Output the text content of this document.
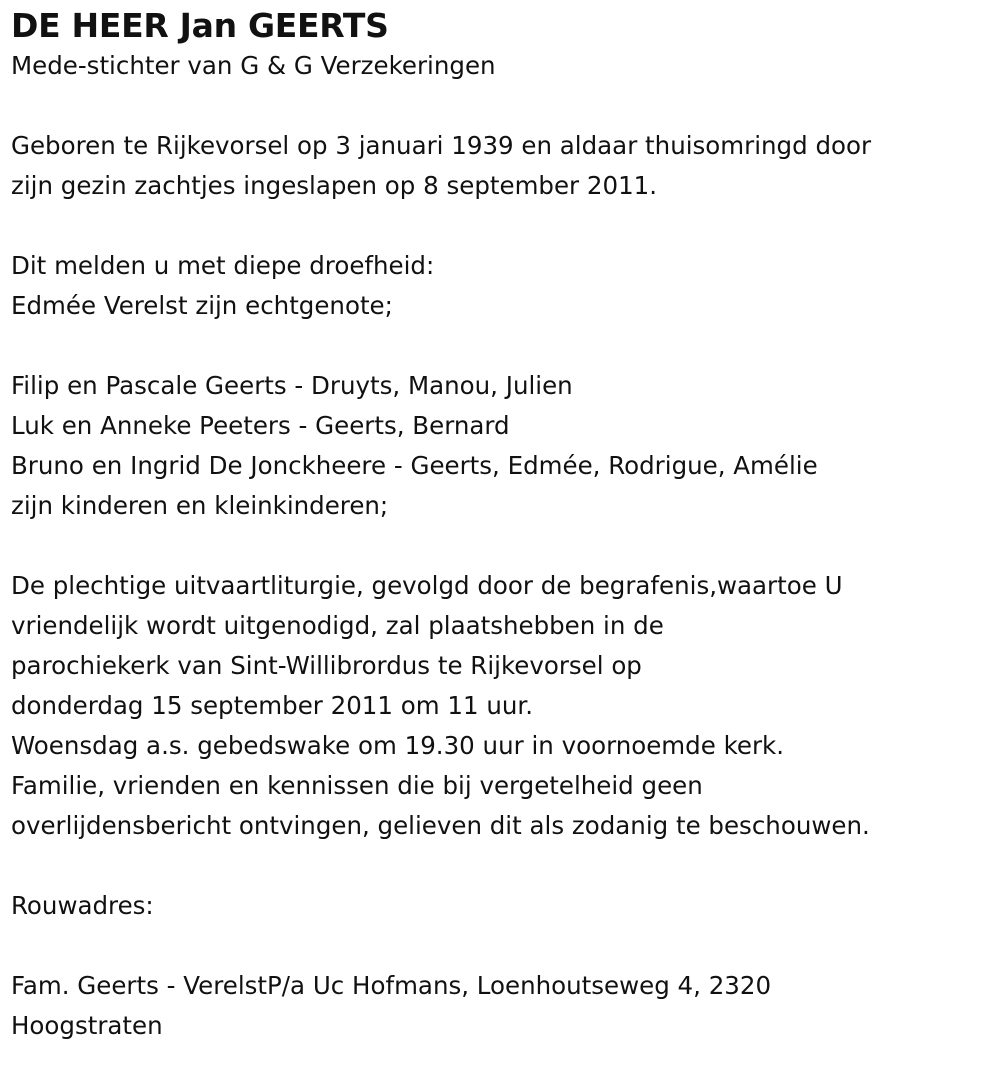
DE HEER Jan GEERTS

Mede-stichter van G & G Verzekeringen

Geboren te Rijkevorsel op 3 januari 1939 en aldaar thuisomringd door
zijn gezin zachtjes ingeslapen op 8 september 2011.
Dit melden u met diepe droefheid:
Edmée Verelst zijn echtgenote;
Filip en Pascale Geerts - Druyts, Manou, Julien
Luk en Anneke Peeters - Geerts, Bernard
Bruno en Ingrid De Jonckheere - Geerts, Edmée, Rodrigue, Amélie
zijn kinderen en kleinkinderen;
De plechtige uitvaartliturgie, gevolgd door de begrafenis,waartoe U
vriendelijk wordt uitgenodigd, zal plaatshebben in de
parochiekerk van Sint-Willibrordus te Rijkevorsel op
donderdag 15 september 2011 om 11 uur.
Woensdag a.s. gebedswake om 19.30 uur in voornoemde kerk.
Familie, vrienden en kennissen die bij vergetelheid geen
overlijdensbericht ontvingen, gelieven dit als zodanig te beschouwen.

Rouwadres:

Fam. Geerts - VerelstP/a Uc Hofmans, Loenhoutseweg 4, 2320
Hoogstraten
